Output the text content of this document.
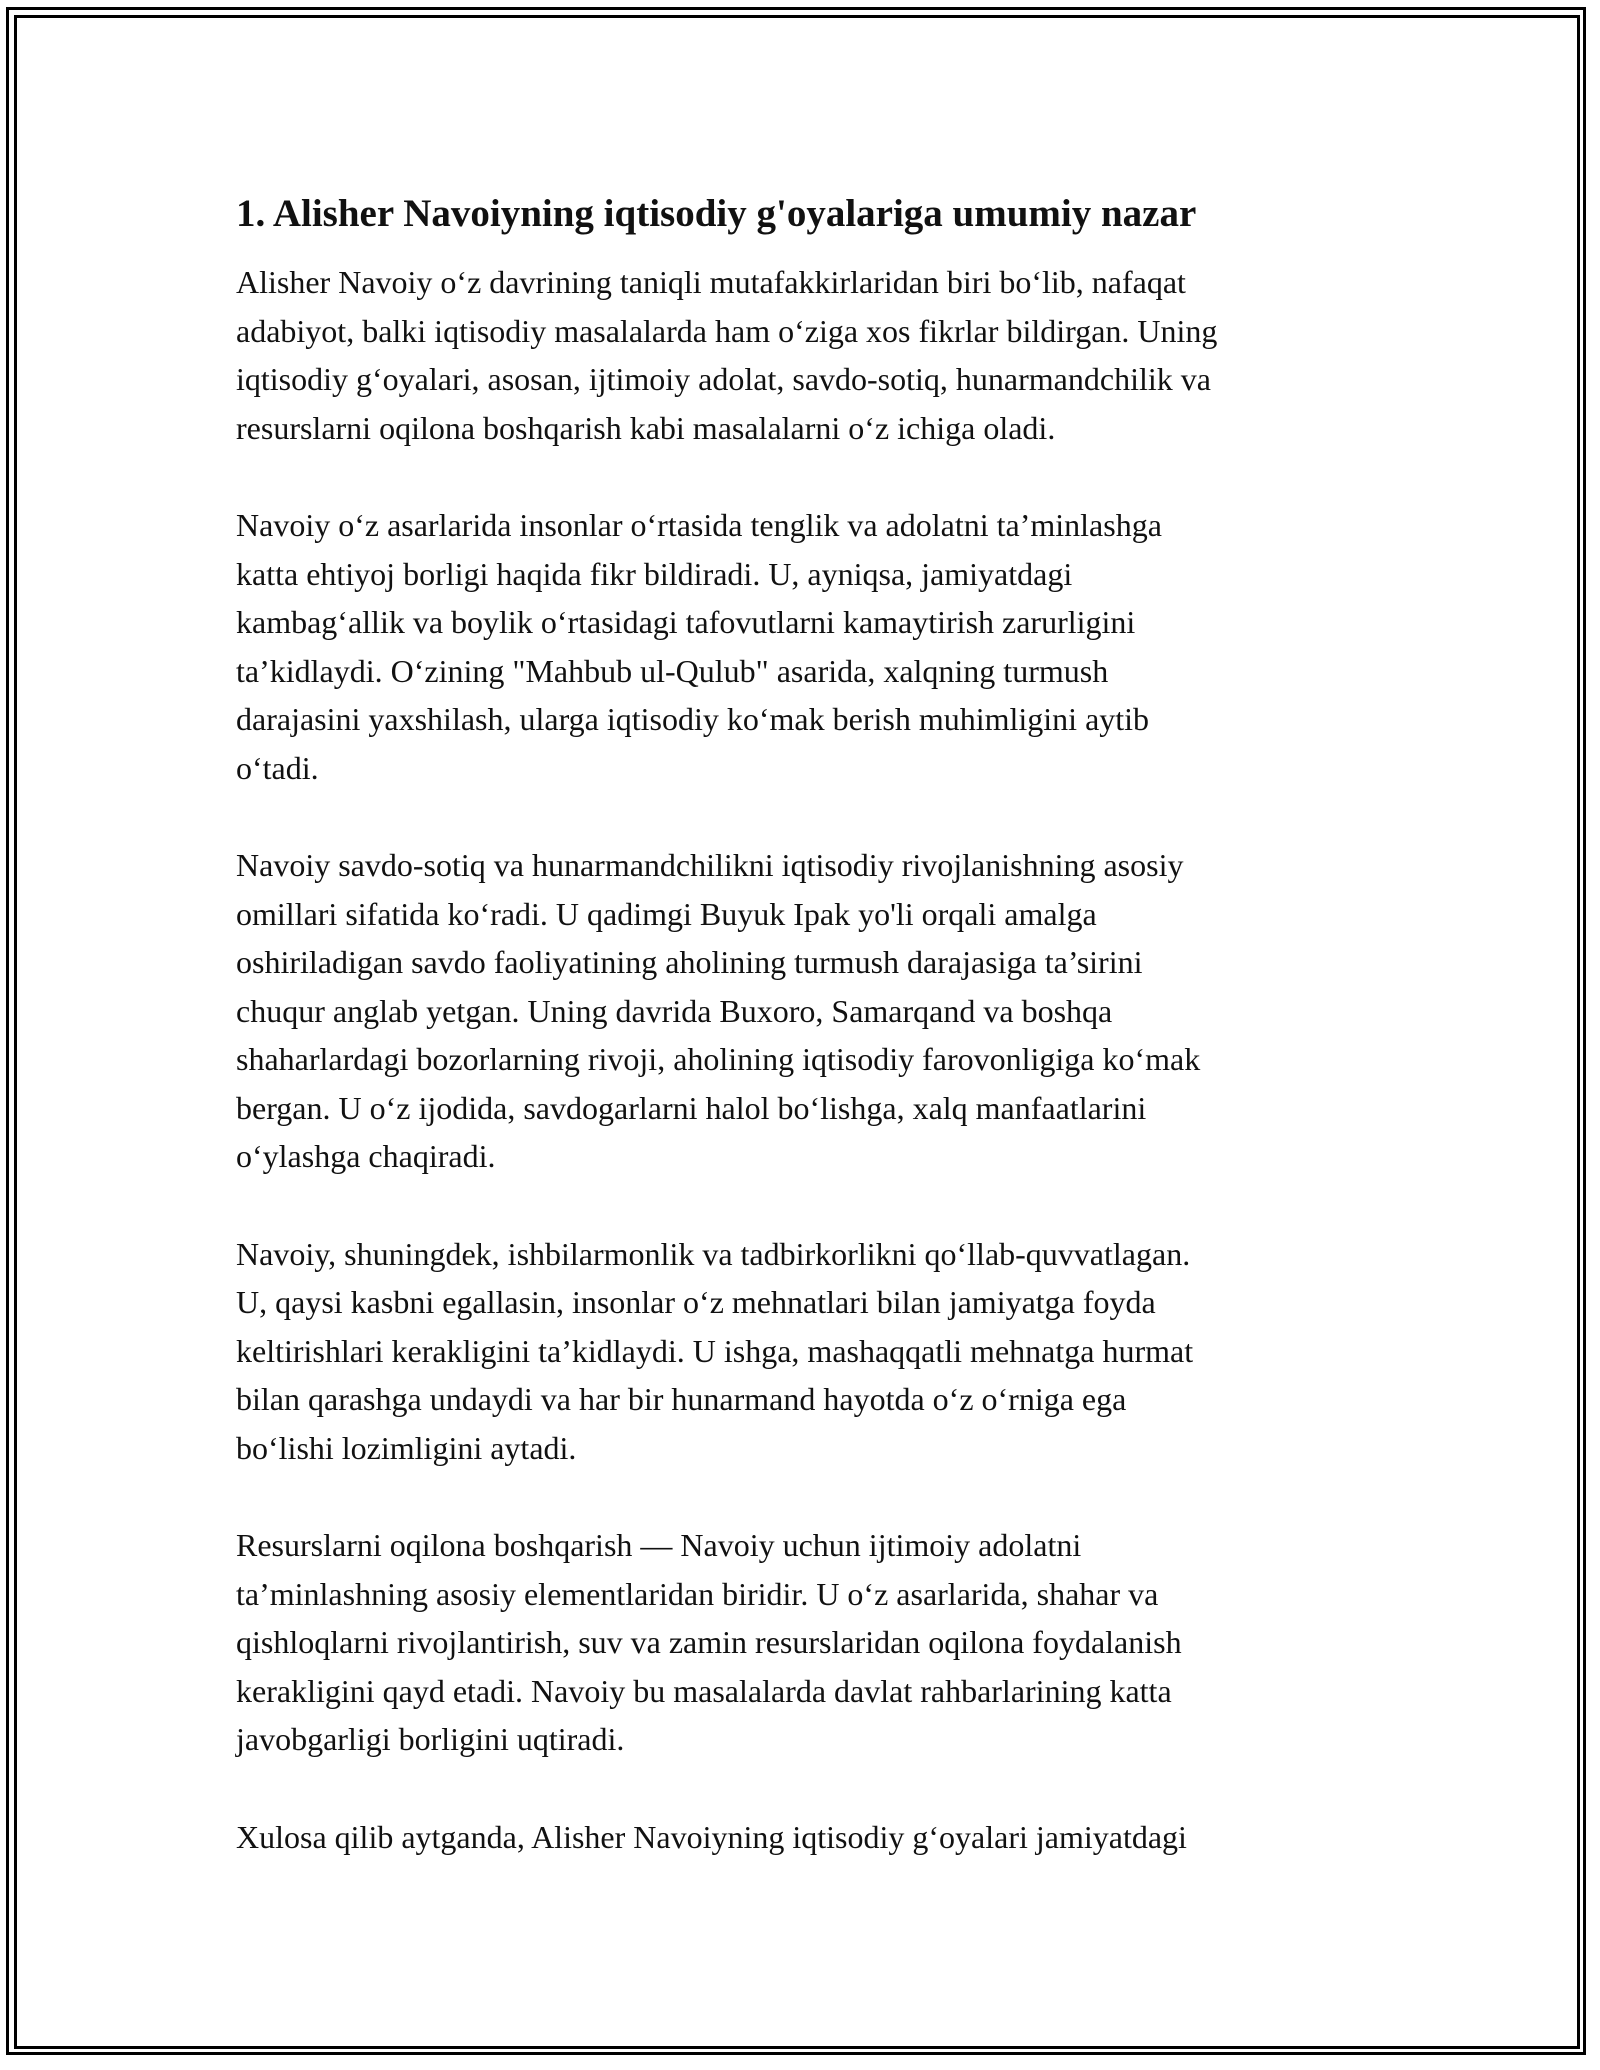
1. Alisher Navoiyning iqtisodiy g'oyalariga umumiy nazar
Alisher Navoiy o‘z davrining taniqli mutafakkirlaridan biri bo‘lib, nafaqat
adabiyot, balki iqtisodiy masalalarda ham o‘ziga xos fikrlar bildirgan. Uning
iqtisodiy g‘oyalari, asosan, ijtimoiy adolat, savdo-sotiq, hunarmandchilik va
resurslarni oqilona boshqarish kabi masalalarni o‘z ichiga oladi.
Navoiy o‘z asarlarida insonlar o‘rtasida tenglik va adolatni ta’minlashga
katta ehtiyoj borligi haqida fikr bildiradi. U, ayniqsa, jamiyatdagi
kambag‘allik va boylik o‘rtasidagi tafovutlarni kamaytirish zarurligini
ta’kidlaydi. O‘zining "Mahbub ul-Qulub" asarida, xalqning turmush
darajasini yaxshilash, ularga iqtisodiy ko‘mak berish muhimligini aytib
o‘tadi.
Navoiy savdo-sotiq va hunarmandchilikni iqtisodiy rivojlanishning asosiy
omillari sifatida ko‘radi. U qadimgi Buyuk Ipak yo'li orqali amalga
oshiriladigan savdo faoliyatining aholining turmush darajasiga ta’sirini
chuqur anglab yetgan. Uning davrida Buxoro, Samarqand va boshqa
shaharlardagi bozorlarning rivoji, aholining iqtisodiy farovonligiga ko‘mak
bergan. U o‘z ijodida, savdogarlarni halol bo‘lishga, xalq manfaatlarini
o‘ylashga chaqiradi.
Navoiy, shuningdek, ishbilarmonlik va tadbirkorlikni qo‘llab-quvvatlagan.
U, qaysi kasbni egallasin, insonlar o‘z mehnatlari bilan jamiyatga foyda
keltirishlari kerakligini ta’kidlaydi. U ishga, mashaqqatli mehnatga hurmat
bilan qarashga undaydi va har bir hunarmand hayotda o‘z o‘rniga ega
bo‘lishi lozimligini aytadi.
Resurslarni oqilona boshqarish — Navoiy uchun ijtimoiy adolatni
ta’minlashning asosiy elementlaridan biridir. U o‘z asarlarida, shahar va
qishloqlarni rivojlantirish, suv va zamin resurslaridan oqilona foydalanish
kerakligini qayd etadi. Navoiy bu masalalarda davlat rahbarlarining katta
javobgarligi borligini uqtiradi.
Xulosa qilib aytganda, Alisher Navoiyning iqtisodiy g‘oyalari jamiyatdagi
